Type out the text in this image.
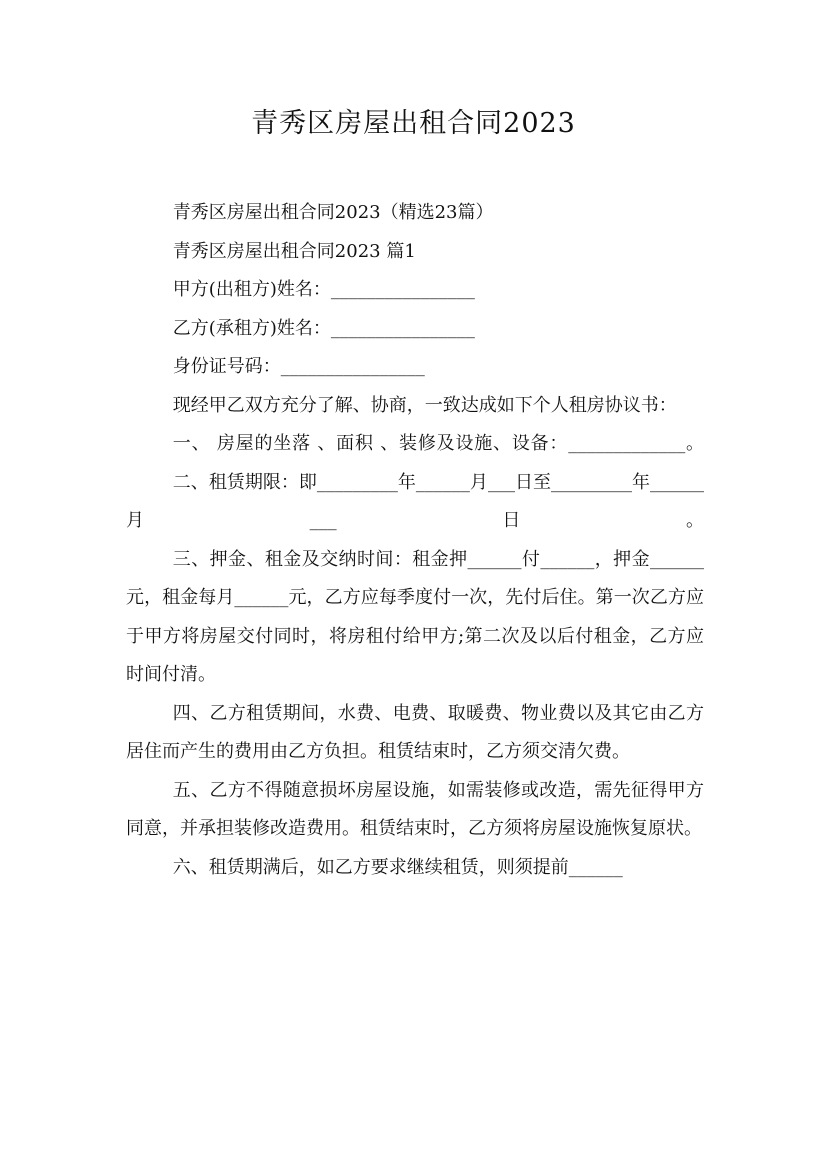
青秀区房屋出租合同2023

青秀区房屋出租合同2023（精选23篇）

青秀区房屋出租合同2023 篇1

甲方(出租方)姓名：________________

乙方(承租方)姓名：________________

身份证号码：________________

现经甲乙双方充分了解、协商，一致达成如下个人租房协议书：

一、 房屋的坐落 、面积 、装修及设施、设备：_____________。

二、租赁期限：即_________年______月___日至_________年______月___日。

三、押金、租金及交纳时间：租金押______付______，押金______元，租金每月______元，乙方应每季度付一次，先付后住。第一次乙方应于甲方将房屋交付同时，将房租付给甲方;第二次及以后付租金，乙方应时间付清。

四、乙方租赁期间，水费、电费、取暖费、物业费以及其它由乙方居住而产生的费用由乙方负担。租赁结束时，乙方须交清欠费。

五、乙方不得随意损坏房屋设施，如需装修或改造，需先征得甲方同意，并承担装修改造费用。租赁结束时，乙方须将房屋设施恢复原状。

六、租赁期满后，如乙方要求继续租赁，则须提前______
